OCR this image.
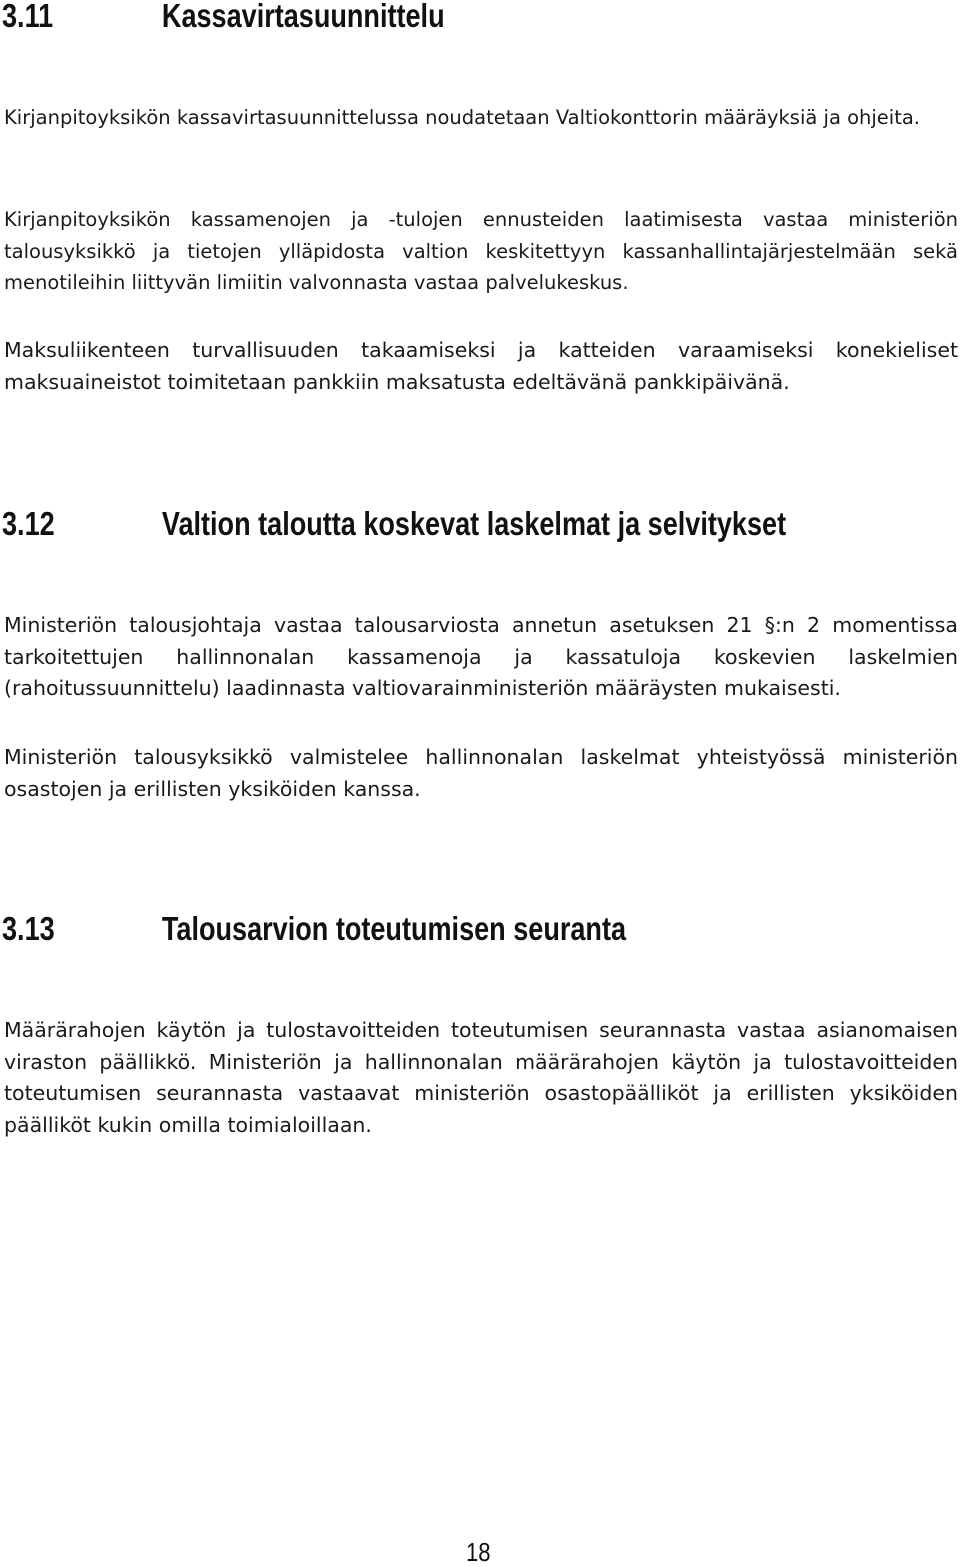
3.11	Kassavirtasuunnittelu

Kirjanpitoyksikön kassavirtasuunnittelussa noudatetaan Valtiokonttorin määräyksiä ja ohjeita.

Kirjanpitoyksikön kassamenojen ja -tulojen ennusteiden laatimisesta vastaa ministeriön talousyksikkö ja tietojen ylläpidosta valtion keskitettyyn kassanhallintajärjestelmään sekä menotileihin liittyvän limiitin valvonnasta vastaa palvelukeskus.

Maksuliikenteen turvallisuuden takaamiseksi ja katteiden varaamiseksi konekieliset maksuaineistot toimitetaan pankkiin maksatusta edeltävänä pankkipäivänä.

3.12	Valtion taloutta koskevat laskelmat ja selvitykset

Ministeriön talousjohtaja vastaa talousarviosta annetun asetuksen 21 §:n 2 momentissa tarkoitettujen hallinnonalan kassamenoja ja kassatuloja koskevien laskelmien (rahoitussuunnittelu) laadinnasta valtiovarainministeriön määräysten mukaisesti.

Ministeriön talousyksikkö valmistelee hallinnonalan laskelmat yhteistyössä ministeriön osastojen ja erillisten yksiköiden kanssa.

3.13	Talousarvion toteutumisen seuranta

Määrärahojen käytön ja tulostavoitteiden toteutumisen seurannasta vastaa asianomaisen viraston päällikkö. Ministeriön ja hallinnonalan määrärahojen käytön ja tulostavoitteiden toteutumisen seurannasta vastaavat ministeriön osastopäälliköt ja erillisten yksiköiden päälliköt kukin omilla toimialoillaan.

18
